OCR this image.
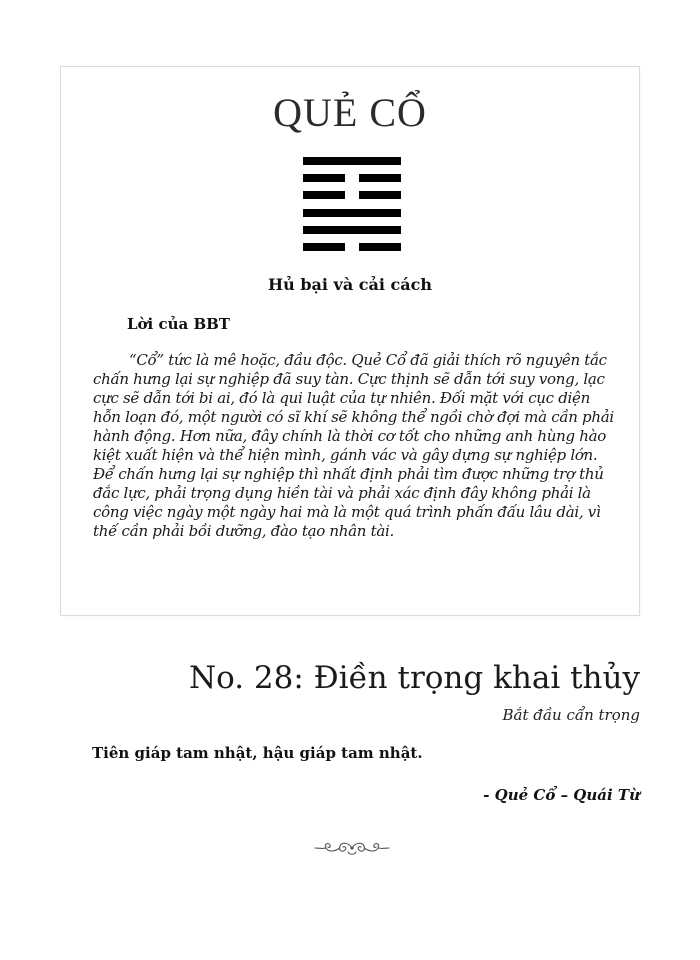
QUẺ CỔ
Hủ bại và cải cách
Lời của BBT
“Cổ” tức là mê hoặc, đầu độc. Quẻ Cổ đã giải thích rõ nguyên tắc chấn hưng lại sự nghiệp đã suy tàn. Cực thịnh sẽ dẫn tới suy vong, lạc cực sẽ dẫn tới bi ai, đó là qui luật của tự nhiên. Đối mặt với cục diện hỗn loạn đó, một người có sĩ khí sẽ không thể ngồi chờ đợi mà cần phải hành động. Hơn nữa, đây chính là thời cơ tốt cho những anh hùng hào kiệt xuất hiện và thể hiện mình, gánh vác và gây dựng sự nghiệp lớn. Để chấn hưng lại sự nghiệp thì nhất định phải tìm được những trợ thủ đắc lực, phải trọng dụng hiền tài và phải xác định đây không phải là công việc ngày một ngày hai mà là một quá trình phấn đấu lâu dài, vì thế cần phải bồi dưỡng, đào tạo nhân tài.
No. 28: Điền trọng khai thủy
Bắt đầu cẩn trọng
Tiên giáp tam nhật, hậu giáp tam nhật.
- Quẻ Cổ – Quái Từ
